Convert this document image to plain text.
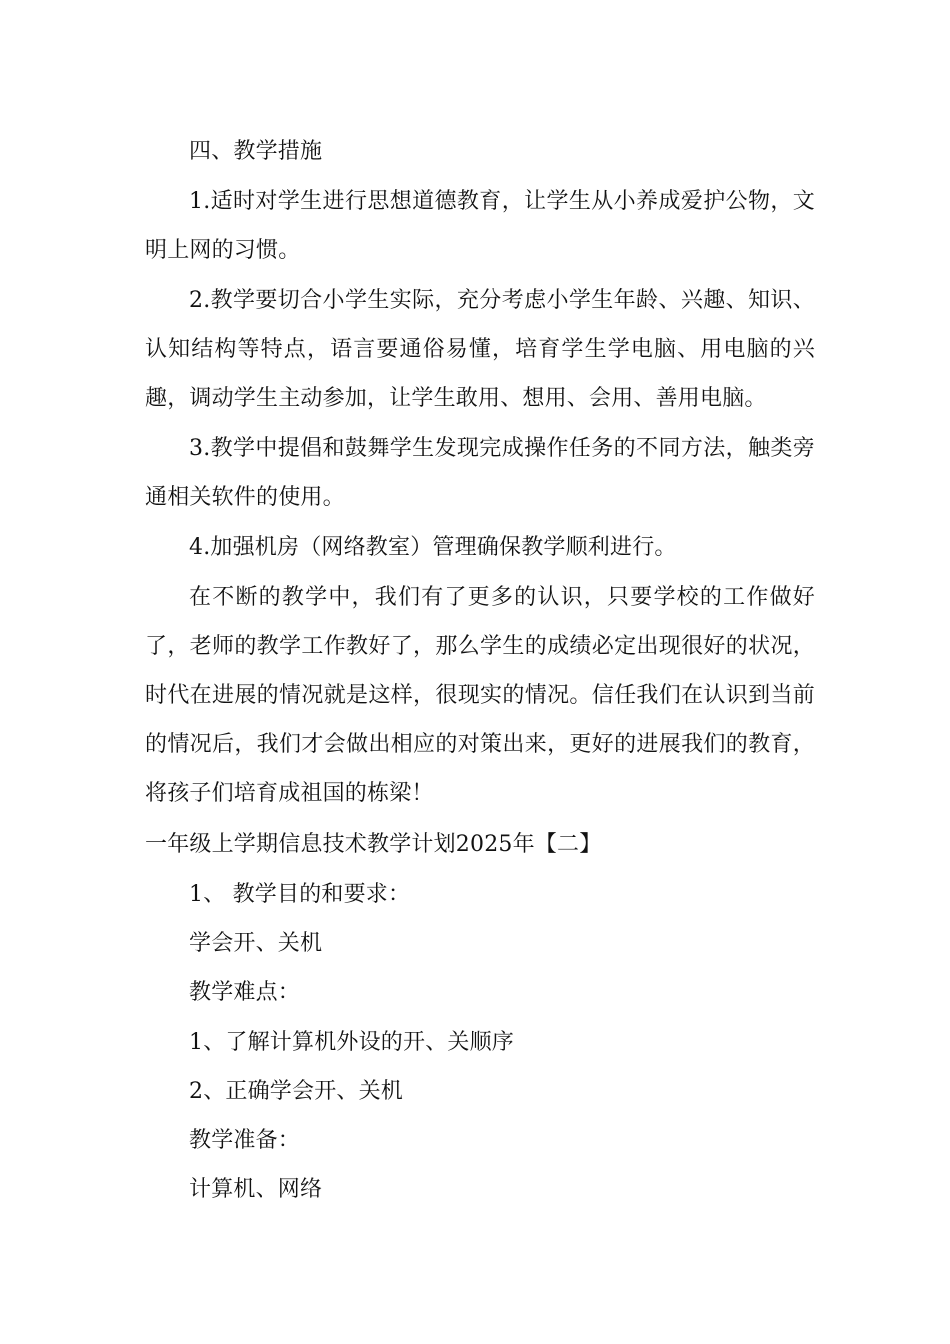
四、教学措施

1.适时对学生进行思想道德教育，让学生从小养成爱护公物，文明上网的习惯。

2.教学要切合小学生实际，充分考虑小学生年龄、兴趣、知识、认知结构等特点，语言要通俗易懂，培育学生学电脑、用电脑的兴趣，调动学生主动参加，让学生敢用、想用、会用、善用电脑。

3.教学中提倡和鼓舞学生发现完成操作任务的不同方法，触类旁通相关软件的使用。

4.加强机房（网络教室）管理确保教学顺利进行。

在不断的教学中，我们有了更多的认识，只要学校的工作做好了，老师的教学工作教好了，那么学生的成绩必定出现很好的状况，时代在进展的情况就是这样，很现实的情况。信任我们在认识到当前的情况后，我们才会做出相应的对策出来，更好的进展我们的教育，将孩子们培育成祖国的栋梁！

一年级上学期信息技术教学计划2025年【二】

1、 教学目的和要求：

学会开、关机

教学难点：

1、了解计算机外设的开、关顺序

2、正确学会开、关机

教学准备：

计算机、网络
